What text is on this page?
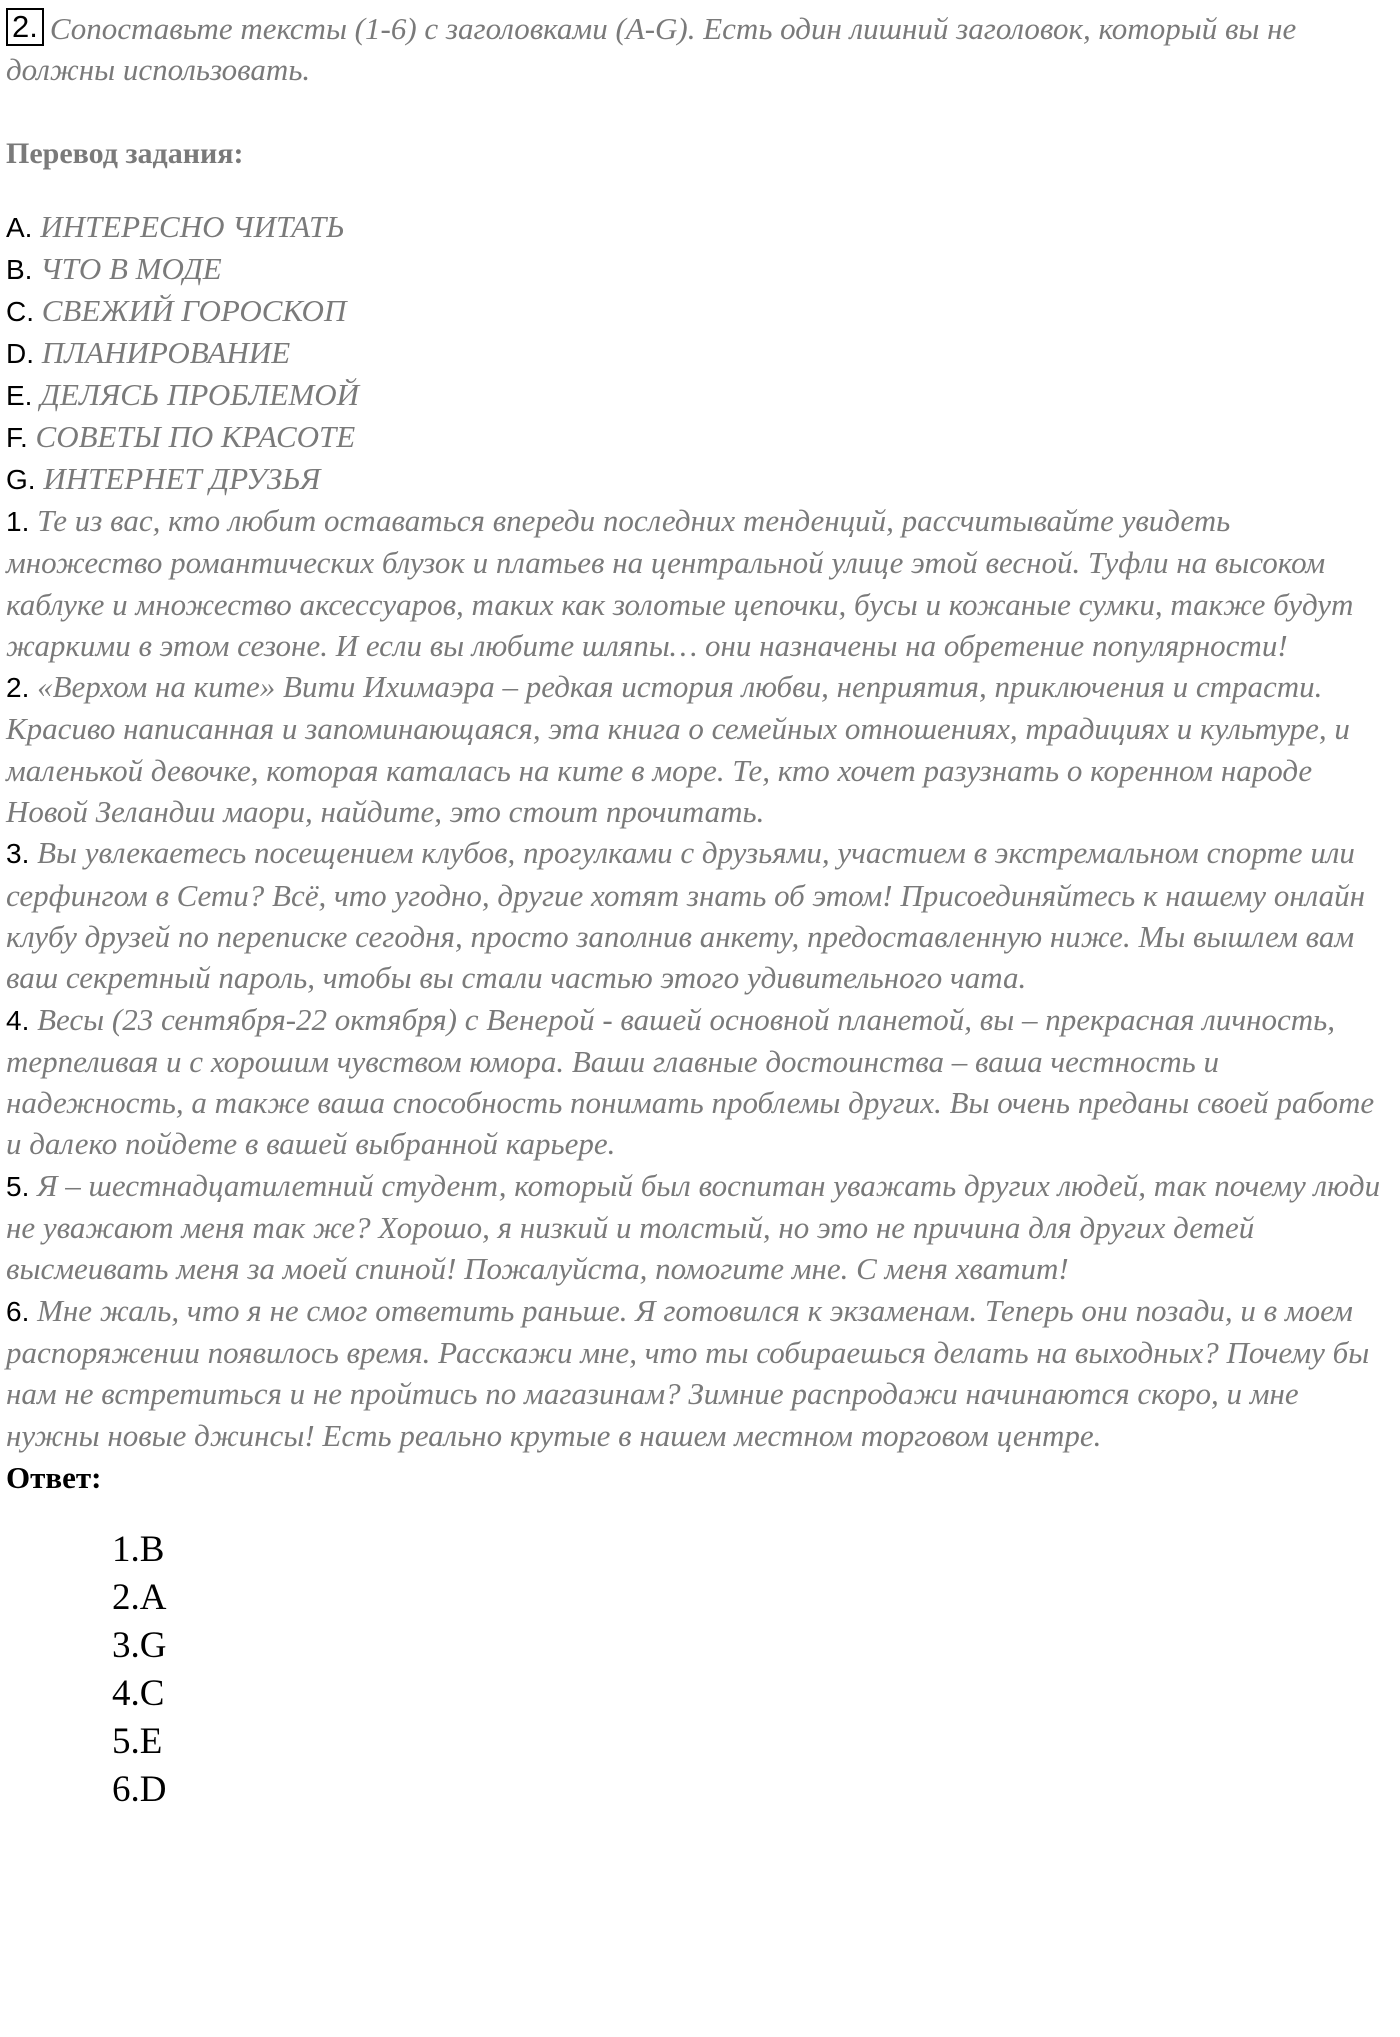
2. Сопоставьте тексты (1-6) с заголовками (A-G). Есть один лишний заголовок, который вы не должны использовать.
Перевод задания:
A. ИНТЕРЕСНО ЧИТАТЬ
B. ЧТО В МОДЕ
C. СВЕЖИЙ ГОРОСКОП
D. ПЛАНИРОВАНИЕ
E. ДЕЛЯСЬ ПРОБЛЕМОЙ
F. СОВЕТЫ ПО КРАСОТЕ
G. ИНТЕРНЕТ ДРУЗЬЯ
1. Те из вас, кто любит оставаться впереди последних тенденций, рассчитывайте увидеть множество романтических блузок и платьев на центральной улице этой весной. Туфли на высоком каблуке и множество аксессуаров, таких как золотые цепочки, бусы и кожаные сумки, также будут жаркими в этом сезоне. И если вы любите шляпы… они назначены на обретение популярности!
2. «Верхом на ките» Вити Ихимаэра – редкая история любви, неприятия, приключения и страсти. Красиво написанная и запоминающаяся, эта книга о семейных отношениях, традициях и культуре, и маленькой девочке, которая каталась на ките в море. Те, кто хочет разузнать о коренном народе Новой Зеландии маори, найдите, это стоит прочитать.
3. Вы увлекаетесь посещением клубов, прогулками с друзьями, участием в экстремальном спорте или серфингом в Сети? Всё, что угодно, другие хотят знать об этом! Присоединяйтесь к нашему онлайн клубу друзей по переписке сегодня, просто заполнив анкету, предоставленную ниже. Мы вышлем вам ваш секретный пароль, чтобы вы стали частью этого удивительного чата.
4. Весы (23 сентября-22 октября) с Венерой - вашей основной планетой, вы – прекрасная личность, терпеливая и с хорошим чувством юмора. Ваши главные достоинства – ваша честность и надежность, а также ваша способность понимать проблемы других. Вы очень преданы своей работе и далеко пойдете в вашей выбранной карьере.
5. Я – шестнадцатилетний студент, который был воспитан уважать других людей, так почему люди не уважают меня так же? Хорошо, я низкий и толстый, но это не причина для других детей высмеивать меня за моей спиной! Пожалуйста, помогите мне. С меня хватит!
6. Мне жаль, что я не смог ответить раньше. Я готовился к экзаменам. Теперь они позади, и в моем распоряжении появилось время. Расскажи мне, что ты собираешься делать на выходных? Почему бы нам не встретиться и не пройтись по магазинам? Зимние распродажи начинаются скоро, и мне нужны новые джинсы! Есть реально крутые в нашем местном торговом центре.
Ответ:
1.B
2.A
3.G
4.C
5.E
6.D
